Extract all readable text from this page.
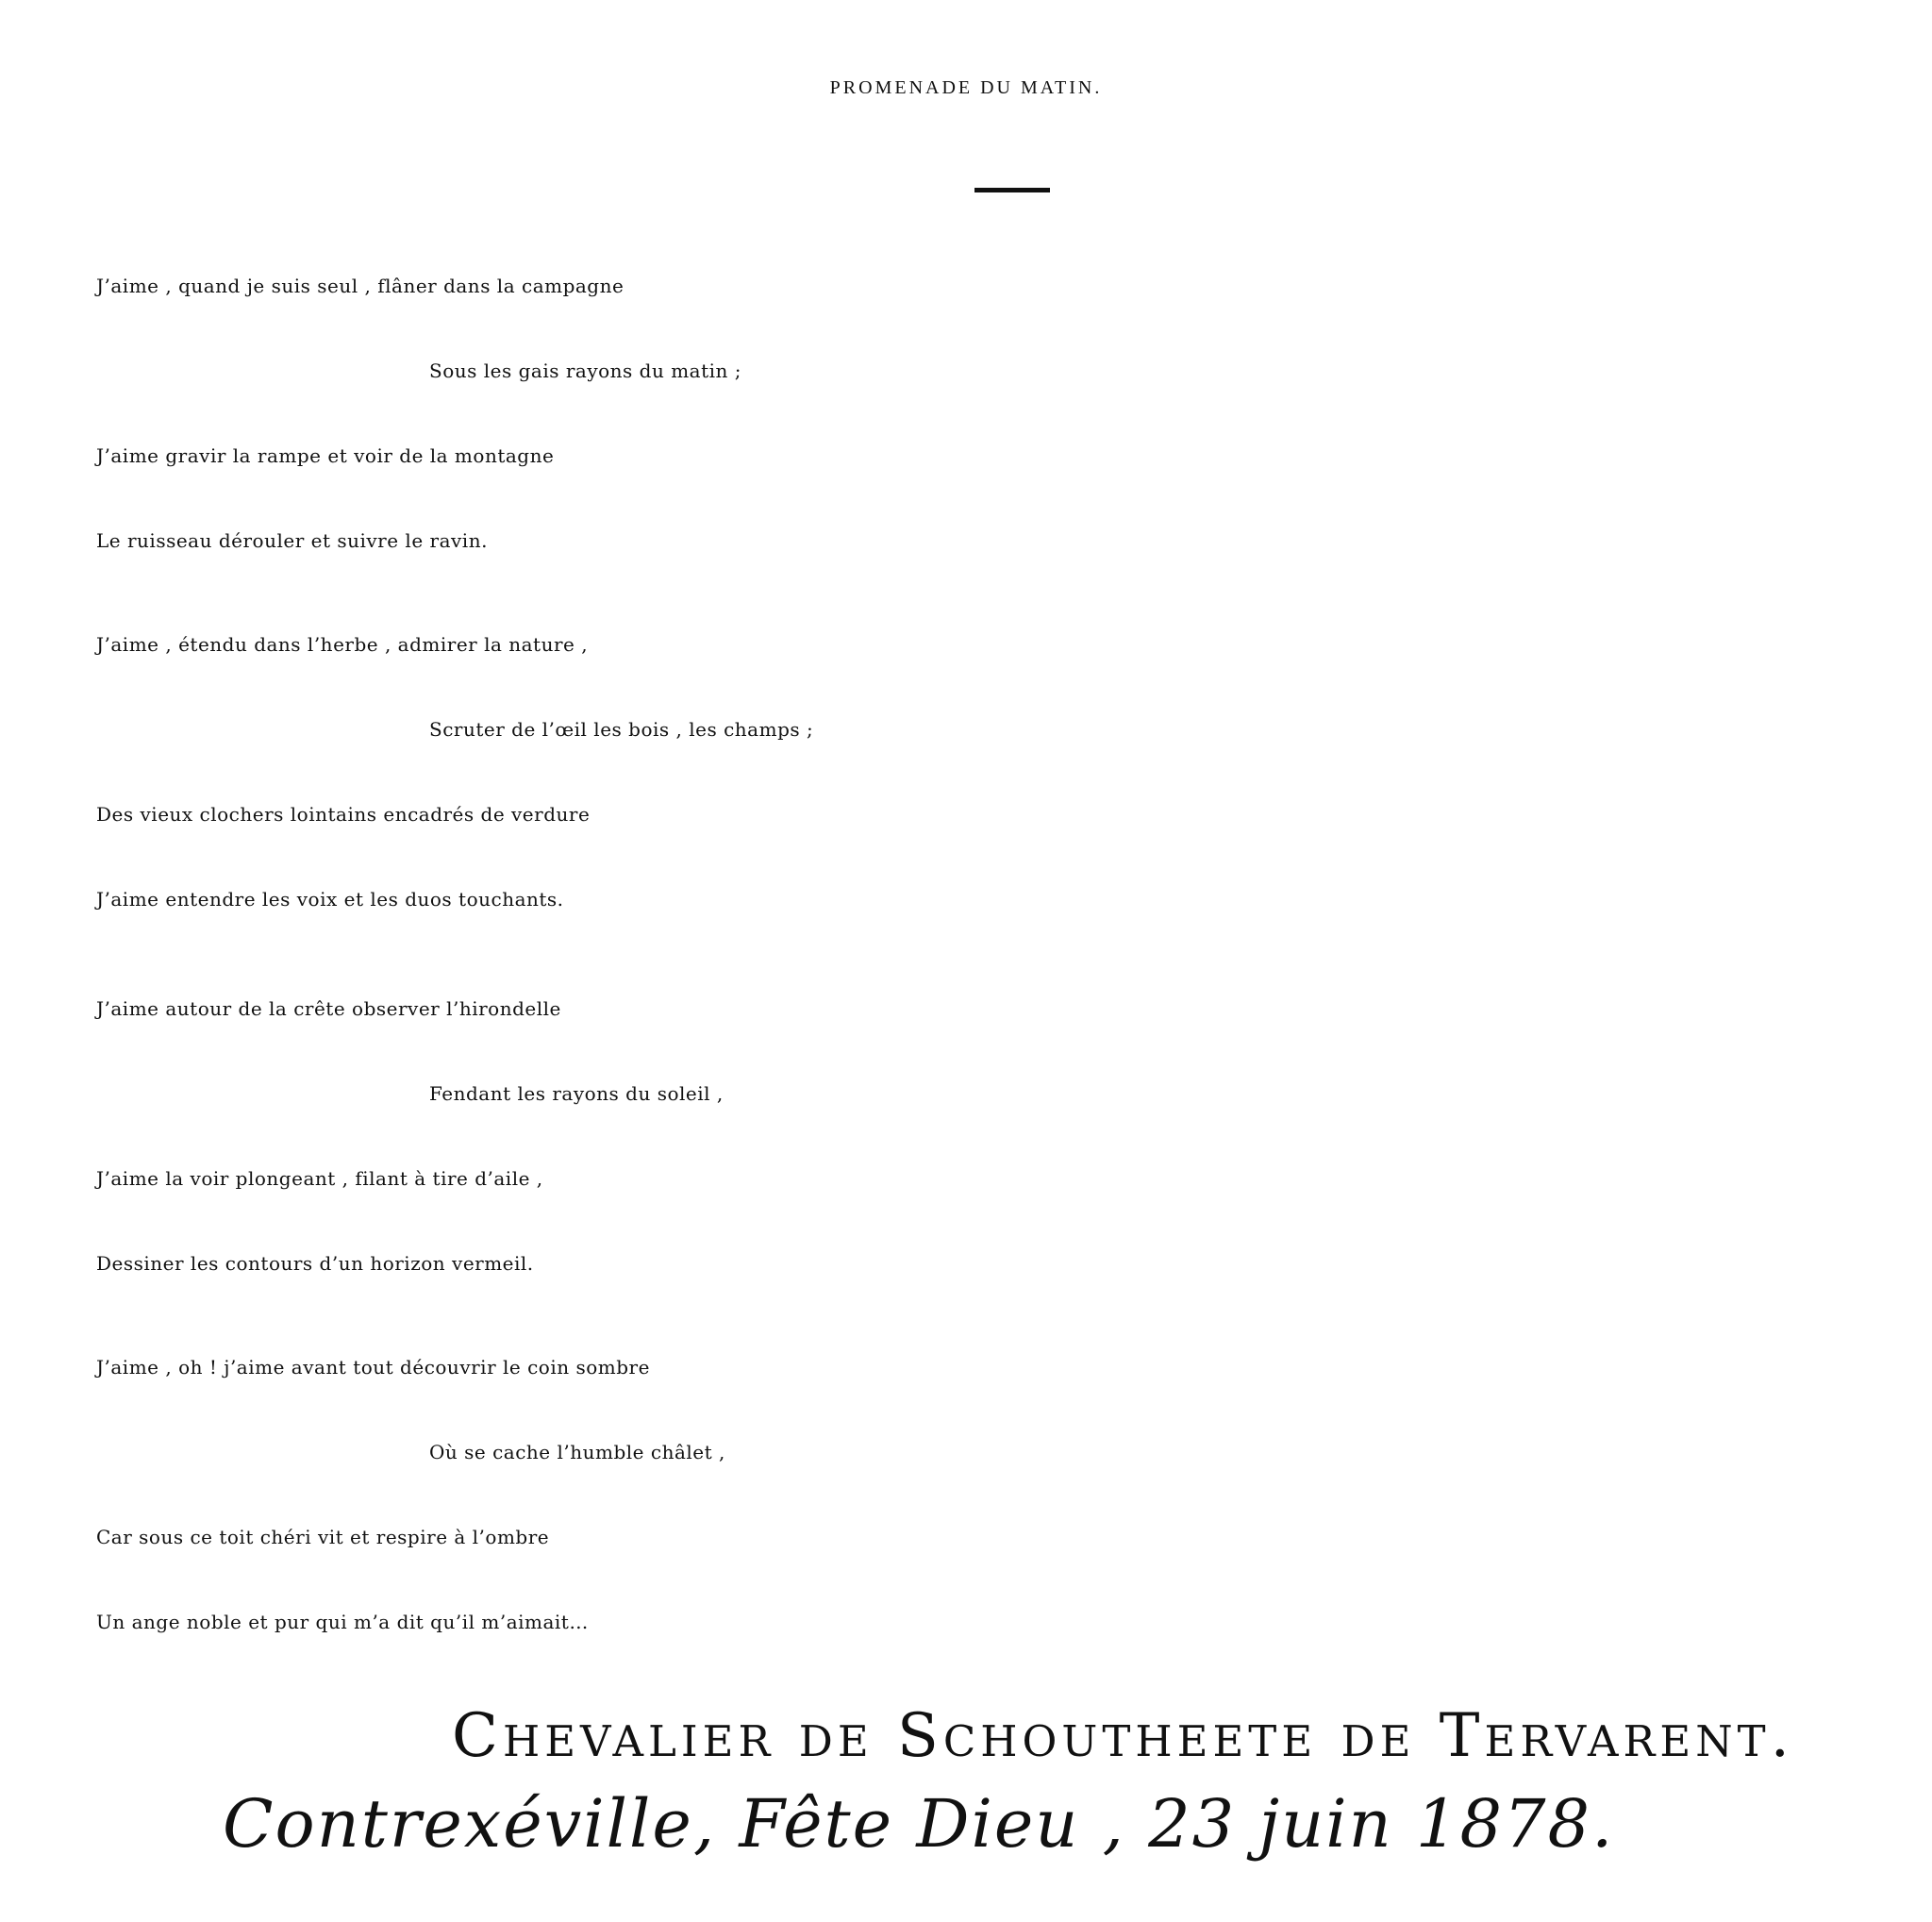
PROMENADE DU MATIN.
J’aime , quand je suis seul , flâner dans la campagne
Sous les gais rayons du matin ;
J’aime gravir la rampe et voir de la montagne
Le ruisseau dérouler et suivre le ravin.
J’aime , étendu dans l’herbe , admirer la nature ,
Scruter de l’œil les bois , les champs ;
Des vieux clochers lointains encadrés de verdure
J’aime entendre les voix et les duos touchants.
J’aime autour de la crête observer l’hirondelle
Fendant les rayons du soleil ,
J’aime la voir plongeant , filant à tire d’aile ,
Dessiner les contours d’un horizon vermeil.
J’aime , oh ! j’aime avant tout découvrir le coin sombre
Où se cache l’humble châlet ,
Car sous ce toit chéri vit et respire à l’ombre
Un ange noble et pur qui m’a dit qu’il m’aimait…
Chevalier de Schoutheete de Tervarent.
Contrexéville, Fête Dieu , 23 juin 1878.
